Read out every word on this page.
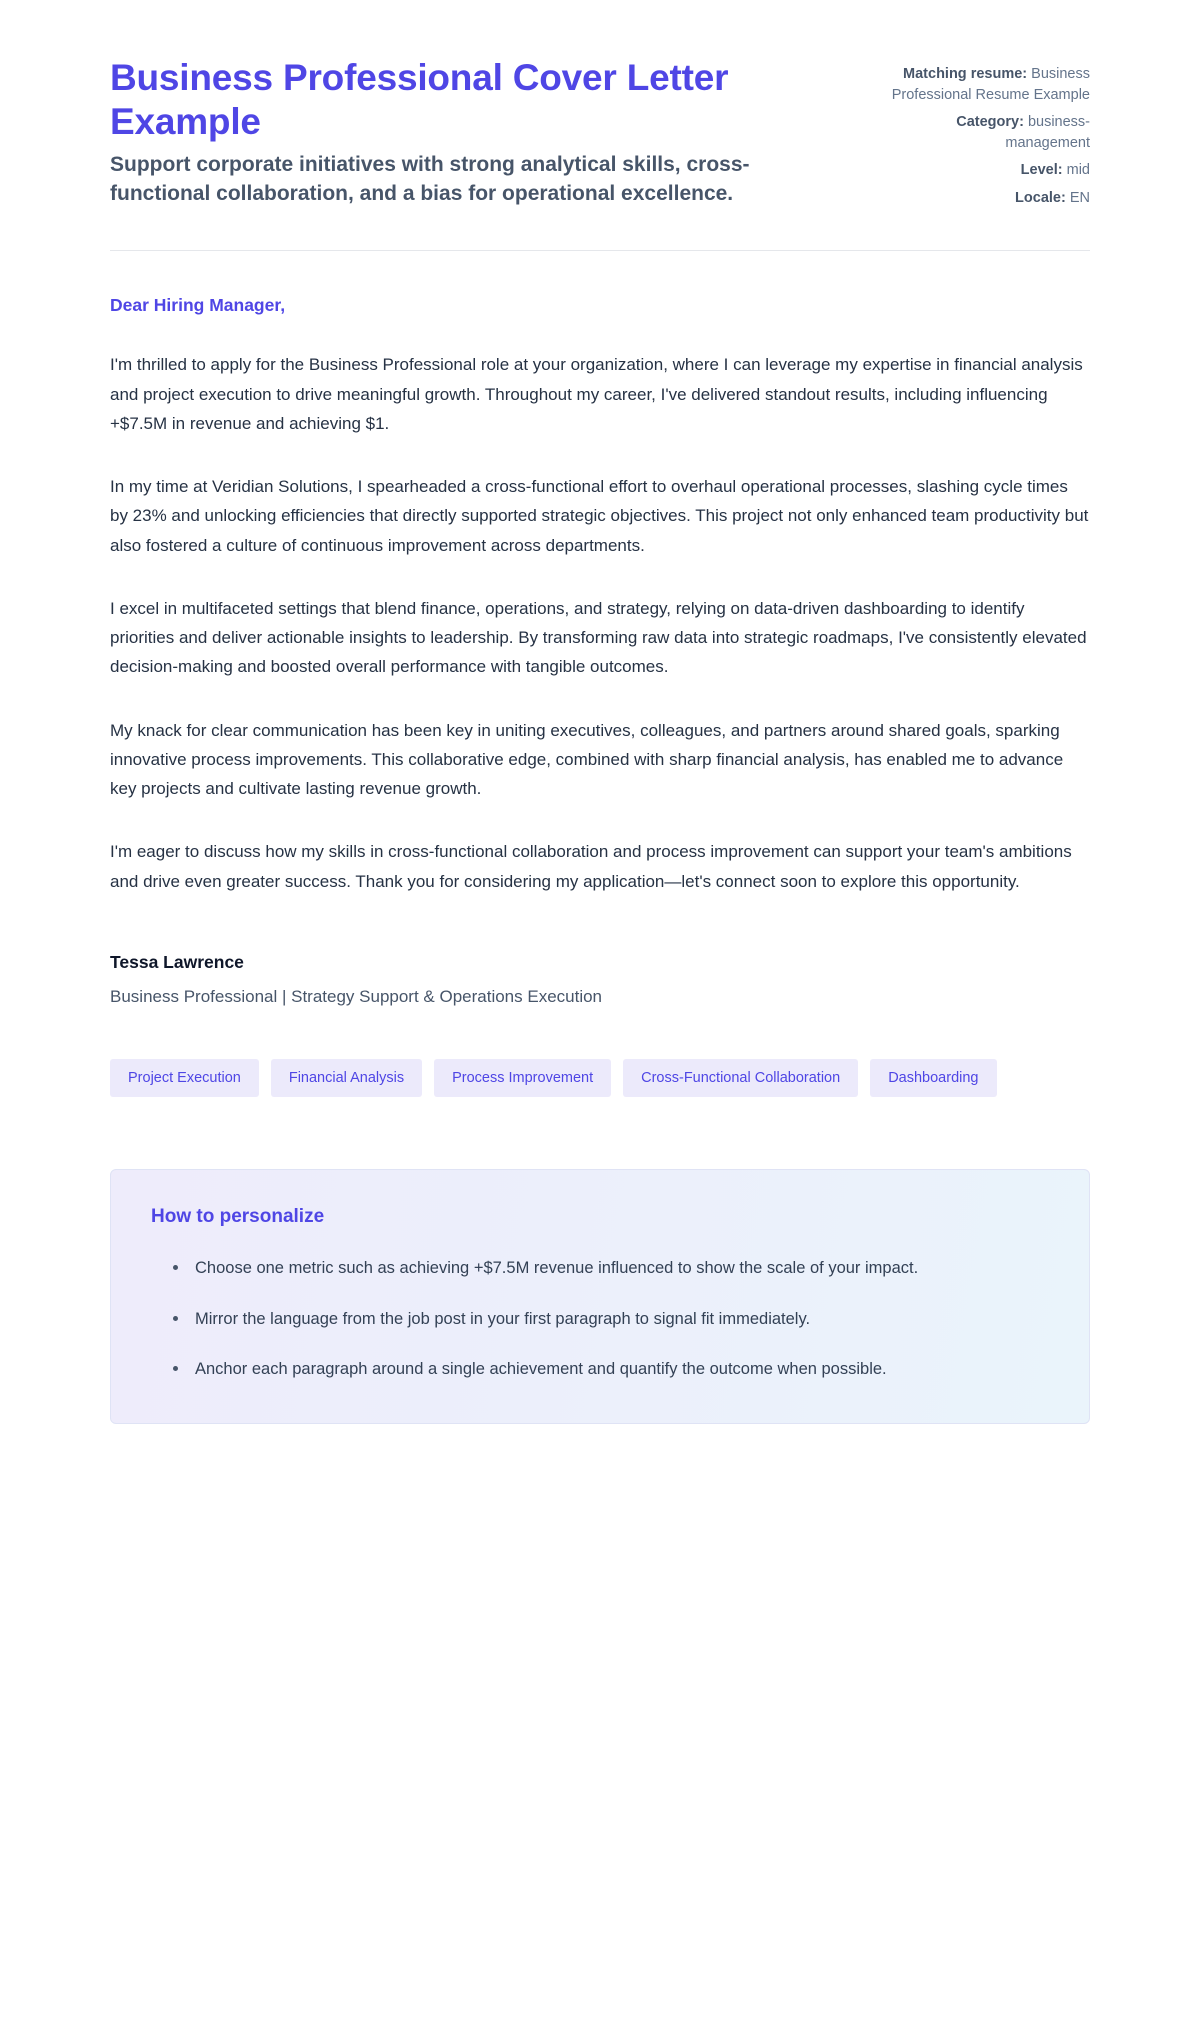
Business Professional Cover Letter Example

Support corporate initiatives with strong analytical skills, cross-functional collaboration, and a bias for operational excellence.

Matching resume: Business Professional Resume Example
Category: business-management
Level: mid
Locale: EN

Dear Hiring Manager,

I'm thrilled to apply for the Business Professional role at your organization, where I can leverage my expertise in financial analysis and project execution to drive meaningful growth. Throughout my career, I've delivered standout results, including influencing +$7.5M in revenue and achieving $1.

In my time at Veridian Solutions, I spearheaded a cross-functional effort to overhaul operational processes, slashing cycle times by 23% and unlocking efficiencies that directly supported strategic objectives. This project not only enhanced team productivity but also fostered a culture of continuous improvement across departments.

I excel in multifaceted settings that blend finance, operations, and strategy, relying on data-driven dashboarding to identify priorities and deliver actionable insights to leadership. By transforming raw data into strategic roadmaps, I've consistently elevated decision-making and boosted overall performance with tangible outcomes.

My knack for clear communication has been key in uniting executives, colleagues, and partners around shared goals, sparking innovative process improvements. This collaborative edge, combined with sharp financial analysis, has enabled me to advance key projects and cultivate lasting revenue growth.

I'm eager to discuss how my skills in cross-functional collaboration and process improvement can support your team's ambitions and drive even greater success. Thank you for considering my application—let's connect soon to explore this opportunity.

Tessa Lawrence

Business Professional | Strategy Support & Operations Execution

Project Execution	Financial Analysis	Process Improvement	Cross-Functional Collaboration	Dashboarding
How to personalize
Choose one metric such as achieving +$7.5M revenue influenced to show the scale of your impact.
Mirror the language from the job post in your first paragraph to signal fit immediately.
Anchor each paragraph around a single achievement and quantify the outcome when possible.
